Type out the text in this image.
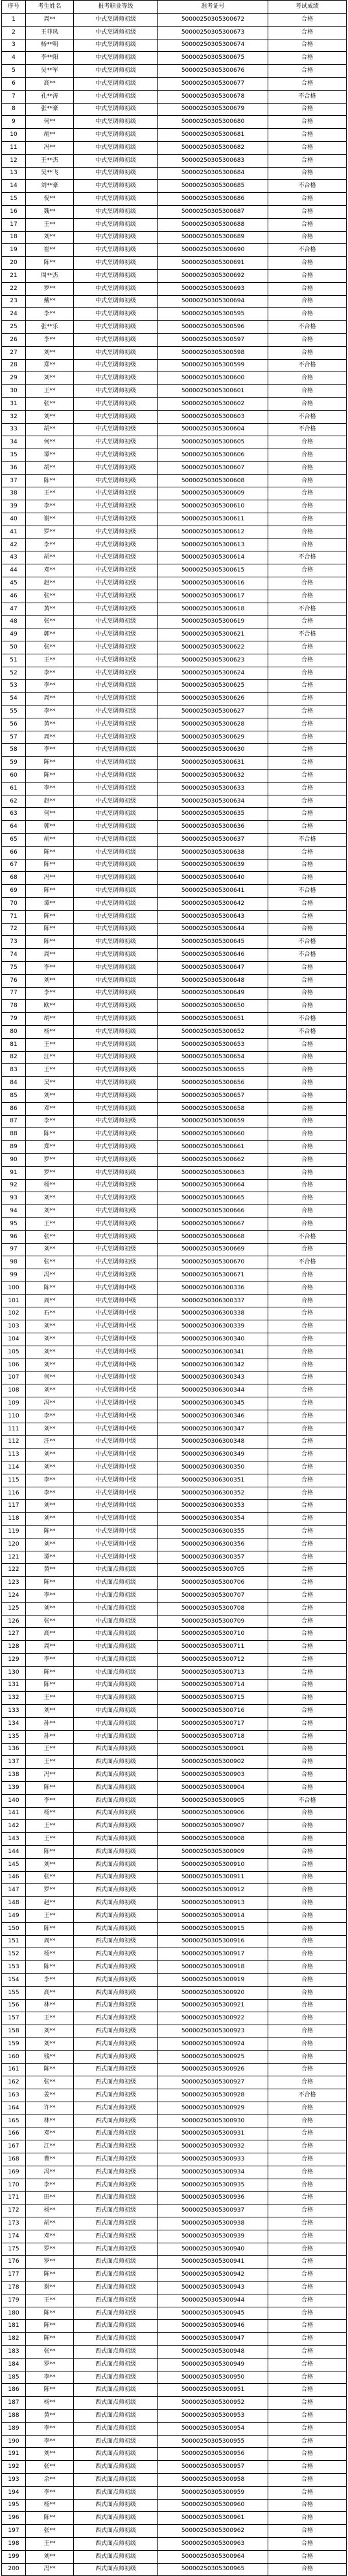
序号	考生姓名	报考职业等级	准考证号	考试成绩
1	周**	中式烹调师初级	50000250305300672	合格
2	王菲凤	中式烹调师初级	50000250305300673	合格
3	杨**明	中式烹调师初级	50000250305300674	合格
4	李**阳	中式烹调师初级	50000250305300675	合格
5	吴**军	中式烹调师初级	50000250305300676	合格
6	高**	中式烹调师初级	50000250305300677	合格
7	孔**涛	中式烹调师初级	50000250305300678	不合格
8	张**豪	中式烹调师初级	50000250305300679	合格
9	何**	中式烹调师初级	50000250305300680	合格
10	胡**	中式烹调师初级	50000250305300681	合格
11	冯**	中式烹调师初级	50000250305300682	合格
12	王**杰	中式烹调师初级	50000250305300683	合格
13	吴**飞	中式烹调师初级	50000250305300684	合格
14	刘**豪	中式烹调师初级	50000250305300685	不合格
15	倪**	中式烹调师初级	50000250305300686	合格
16	魏**	中式烹调师初级	50000250305300687	合格
17	王**	中式烹调师初级	50000250305300688	合格
18	刘**	中式烹调师初级	50000250305300689	合格
19	崔**	中式烹调师初级	50000250305300690	不合格
20	陈**	中式烹调师初级	50000250305300691	合格
21	周**杰	中式烹调师初级	50000250305300692	合格
22	罗**	中式烹调师初级	50000250305300693	合格
23	戴**	中式烹调师初级	50000250305300694	合格
24	李**	中式烹调师初级	50000250305300595	合格
25	张**乐	中式烹调师初级	50000250305300596	不合格
26	李**	中式烹调师初级	50000250305300597	合格
27	刘**	中式烹调师初级	50000250305300598	合格
28	郑**	中式烹调师初级	50000250305300599	不合格
29	刘**	中式烹调师初级	50000250305300600	合格
30	王**	中式烹调师初级	50000250305300601	合格
31	张**	中式烹调师初级	50000250305300602	合格
32	刘**	中式烹调师初级	50000250305300603	不合格
33	胡**	中式烹调师初级	50000250305300604	不合格
34	何**	中式烹调师初级	50000250305300605	合格
35	谭**	中式烹调师初级	50000250305300606	合格
36	胡**	中式烹调师初级	50000250305300607	合格
37	陈**	中式烹调师初级	50000250305300608	合格
38	王**	中式烹调师初级	50000250305300609	合格
39	李**	中式烹调师初级	50000250305300610	合格
40	谢**	中式烹调师初级	50000250305300611	合格
41	罗**	中式烹调师初级	50000250305300612	合格
42	李**	中式烹调师初级	50000250305300613	合格
43	胡**	中式烹调师初级	50000250305300614	不合格
44	邓**	中式烹调师初级	50000250305300615	合格
45	赵**	中式烹调师初级	50000250305300616	合格
46	张**	中式烹调师初级	50000250305300617	合格
47	黄**	中式烹调师初级	50000250305300618	不合格
48	张**	中式烹调师初级	50000250305300619	合格
49	郭**	中式烹调师初级	50000250305300621	不合格
50	张**	中式烹调师初级	50000250305300622	合格
51	王**	中式烹调师初级	50000250305300623	合格
52	李**	中式烹调师初级	50000250305300624	合格
53	李**	中式烹调师初级	50000250305300625	合格
54	周**	中式烹调师初级	50000250305300626	合格
55	李**	中式烹调师初级	50000250305300627	合格
56	黄**	中式烹调师初级	50000250305300628	合格
57	周**	中式烹调师初级	50000250305300629	合格
58	李**	中式烹调师初级	50000250305300630	合格
59	陈**	中式烹调师初级	50000250305300631	合格
60	陈**	中式烹调师初级	50000250305300632	合格
61	李**	中式烹调师初级	50000250305300633	合格
62	赵**	中式烹调师初级	50000250305300634	合格
63	何**	中式烹调师初级	50000250305300635	合格
64	郭**	中式烹调师初级	50000250305300636	合格
65	胡**	中式烹调师初级	50000250305300637	不合格
66	陈**	中式烹调师初级	50000250305300638	合格
67	陈**	中式烹调师初级	50000250305300639	合格
68	冯**	中式烹调师初级	50000250305300640	合格
69	陈**	中式烹调师初级	50000250305300641	不合格
70	谭**	中式烹调师初级	50000250305300642	合格
71	陈**	中式烹调师初级	50000250305300643	合格
72	陈**	中式烹调师初级	50000250305300644	合格
73	陈**	中式烹调师初级	50000250305300645	不合格
74	周**	中式烹调师初级	50000250305300646	不合格
75	李**	中式烹调师初级	50000250305300647	合格
76	刘**	中式烹调师初级	50000250305300648	合格
77	李**	中式烹调师初级	50000250305300649	合格
78	欧**	中式烹调师初级	50000250305300650	合格
79	胡**	中式烹调师初级	50000250305300651	不合格
80	杨**	中式烹调师初级	50000250305300652	不合格
81	王**	中式烹调师初级	50000250305300653	合格
82	汪**	中式烹调师初级	50000250305300654	合格
83	王**	中式烹调师初级	50000250305300655	合格
84	吴**	中式烹调师初级	50000250305300656	合格
85	刘**	中式烹调师初级	50000250305300657	合格
86	邓**	中式烹调师初级	50000250305300658	合格
87	李**	中式烹调师初级	50000250305300659	合格
88	陈**	中式烹调师初级	50000250305300660	合格
89	郑**	中式烹调师初级	50000250305300661	合格
90	罗**	中式烹调师初级	50000250305300662	合格
91	罗**	中式烹调师初级	50000250305300663	合格
92	杨**	中式烹调师初级	50000250305300664	合格
93	刘**	中式烹调师初级	50000250305300665	合格
94	刘**	中式烹调师初级	50000250305300666	合格
95	王**	中式烹调师初级	50000250305300667	合格
96	张**	中式烹调师初级	50000250305300668	不合格
97	刘**	中式烹调师初级	50000250305300669	合格
98	张**	中式烹调师初级	50000250305300670	不合格
99	冯**	中式烹调师初级	50000250305300671	合格
100	陈**	中式烹调师中级	50000250306300336	合格
101	周**	中式烹调师中级	50000250306300337	合格
102	石**	中式烹调师中级	50000250306300338	合格
103	刘**	中式烹调师中级	50000250306300339	合格
104	刘**	中式烹调师中级	50000250306300340	合格
105	刘**	中式烹调师中级	50000250306300341	合格
106	刘**	中式烹调师中级	50000250306300342	合格
107	何**	中式烹调师中级	50000250306300343	合格
108	刘**	中式烹调师中级	50000250306300344	合格
109	冯**	中式烹调师中级	50000250306300345	合格
110	李**	中式烹调师中级	50000250306300346	合格
111	刘**	中式烹调师中级	50000250306300347	合格
112	汪**	中式烹调师中级	50000250306300348	合格
113	刘**	中式烹调师中级	50000250306300349	合格
114	刘**	中式烹调师中级	50000250306300350	合格
115	李**	中式烹调师中级	50000250306300351	合格
116	李**	中式烹调师中级	50000250306300352	合格
117	刘**	中式烹调师中级	50000250306300353	合格
118	刘**	中式烹调师中级	50000250306300354	合格
119	陈**	中式烹调师中级	50000250306300355	合格
120	刘**	中式烹调师中级	50000250306300356	合格
121	谭**	中式烹调师中级	50000250306300357	合格
122	黄**	中式面点师初级	50000250305300705	合格
123	陈**	中式面点师初级	50000250305300706	合格
124	李**	中式面点师初级	50000250305300707	合格
125	刘**	中式面点师初级	50000250305300708	合格
126	张**	中式面点师初级	50000250305300709	合格
127	高**	中式面点师初级	50000250305300710	合格
128	周**	中式面点师初级	50000250305300711	合格
129	李**	中式面点师初级	50000250305300712	合格
130	陈**	中式面点师初级	50000250305300713	合格
131	陈**	中式面点师初级	50000250305300714	合格
132	王**	中式面点师初级	50000250305300715	合格
133	刘**	中式面点师初级	50000250305300716	合格
134	孙**	中式面点师初级	50000250305300717	合格
135	孙**	中式面点师初级	50000250305300718	合格
136	王**	西式面点师初级	50000250305300901	合格
137	王**	西式面点师初级	50000250305300902	合格
138	冯**	西式面点师初级	50000250305300903	合格
139	陈**	西式面点师初级	50000250305300904	合格
140	李**	西式面点师初级	50000250305300905	不合格
141	杨**	西式面点师初级	50000250305300906	合格
142	王**	西式面点师初级	50000250305300907	合格
143	王**	西式面点师初级	50000250305300908	合格
144	陈**	西式面点师初级	50000250305300909	合格
145	刘**	西式面点师初级	50000250305300910	合格
146	张**	西式面点师初级	50000250305300911	合格
147	罗**	西式面点师初级	50000250305300912	合格
148	赵**	西式面点师初级	50000250305300913	合格
149	王**	西式面点师初级	50000250305300914	合格
150	陈**	西式面点师初级	50000250305300915	合格
151	周**	西式面点师初级	50000250305300916	合格
152	杨**	西式面点师初级	50000250305300917	合格
153	陈**	西式面点师初级	50000250305300918	合格
154	李**	西式面点师初级	50000250305300919	合格
155	高**	西式面点师初级	50000250305300920	合格
156	林**	西式面点师初级	50000250305300921	合格
157	王**	西式面点师初级	50000250305300922	合格
158	刘**	西式面点师初级	50000250305300923	合格
159	刘**	西式面点师初级	50000250305300924	合格
160	钱**	西式面点师初级	50000250305300925	合格
161	陈**	西式面点师初级	50000250305300926	合格
162	张**	西式面点师初级	50000250305300927	合格
163	姜**	西式面点师初级	50000250305300928	不合格
164	许**	西式面点师初级	50000250305300929	合格
165	林**	西式面点师初级	50000250305300930	合格
166	邓**	西式面点师初级	50000250305300931	合格
167	江**	西式面点师初级	50000250305300932	合格
168	曹**	西式面点师初级	50000250305300933	合格
169	冯**	西式面点师初级	50000250305300934	合格
170	李**	西式面点师初级	50000250305300935	合格
171	田**	西式面点师初级	50000250305300936	合格
172	杨**	西式面点师初级	50000250305300937	合格
173	胡**	西式面点师初级	50000250305300938	合格
174	邓**	西式面点师初级	50000250305300939	合格
175	罗**	西式面点师初级	50000250305300940	合格
176	罗**	西式面点师初级	50000250305300941	合格
177	陈**	西式面点师初级	50000250305300942	合格
178	谢**	西式面点师初级	50000250305300943	合格
179	王**	西式面点师初级	50000250305300944	合格
180	陈**	西式面点师初级	50000250305300945	合格
181	陈**	西式面点师初级	50000250305300946	合格
182	陈**	西式面点师初级	50000250305300947	合格
183	张**	西式面点师初级	50000250305300948	合格
184	罗**	西式面点师初级	50000250305300949	合格
185	李**	西式面点师初级	50000250305300950	合格
186	陈**	西式面点师初级	50000250305300951	合格
187	杨**	西式面点师初级	50000250305300952	合格
188	黄**	西式面点师初级	50000250305300953	合格
189	李**	西式面点师初级	50000250305300954	合格
190	李**	西式面点师初级	50000250305300955	合格
191	刘**	西式面点师初级	50000250305300956	合格
192	张**	西式面点师初级	50000250305300957	合格
193	余**	西式面点师初级	50000250305300958	合格
194	李**	西式面点师初级	50000250305300959	合格
195	杨**	西式面点师初级	50000250305300960	合格
196	陈**	西式面点师初级	50000250305300961	合格
197	张**	西式面点师初级	50000250305300962	合格
198	王**	西式面点师初级	50000250305300963	合格
199	刘**	西式面点师初级	50000250305300964	合格
200	冯**	西式面点师初级	50000250305300965	合格
